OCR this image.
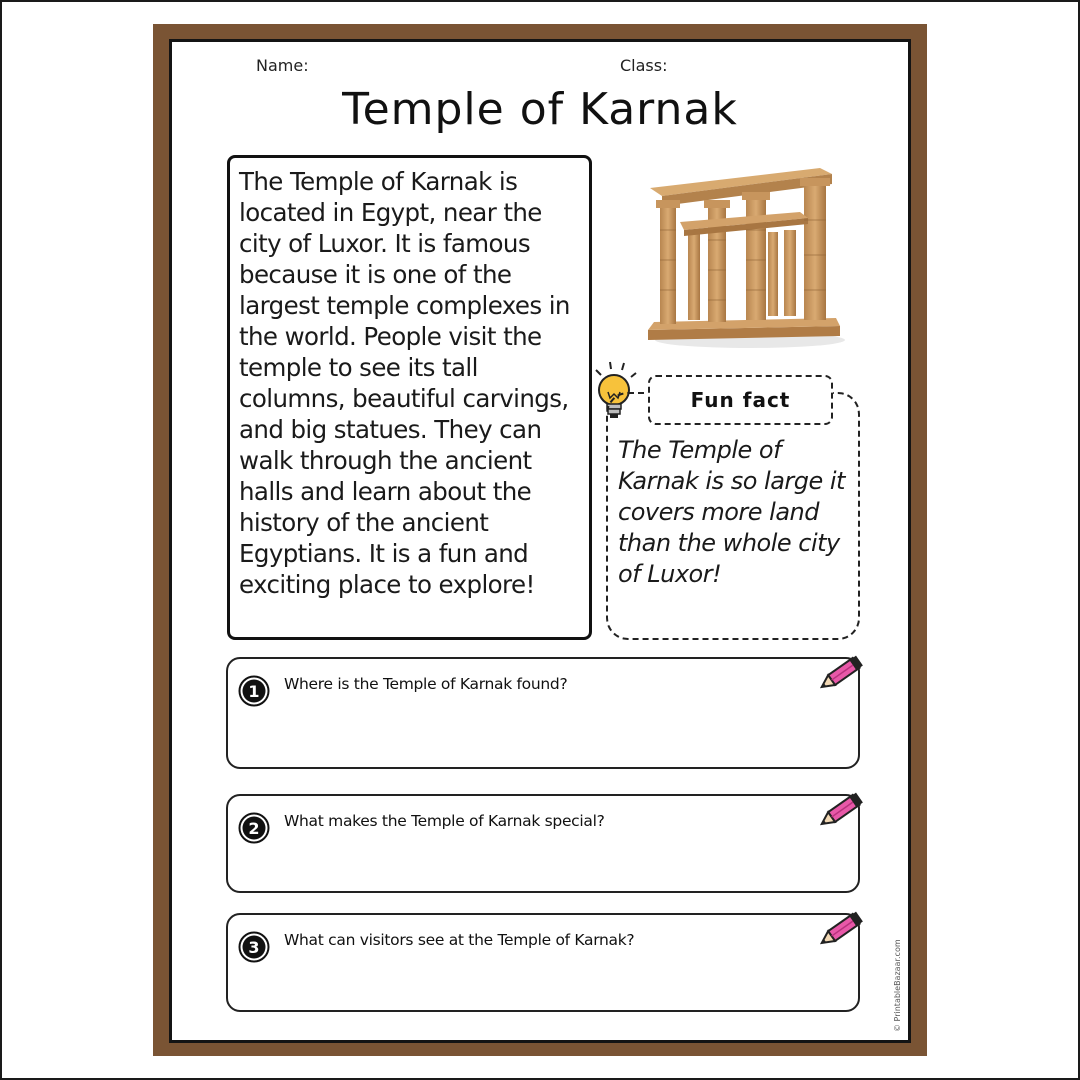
Name:	Class:
Temple of Karnak

The Temple of Karnak is located in Egypt, near the city of Luxor. It is famous because it is one of the largest temple complexes in the world. People visit the temple to see its tall columns, beautiful carvings, and big statues. They can walk through the ancient halls and learn about the history of the ancient Egyptians. It is a fun and exciting place to explore!

Fun fact

The Temple of Karnak is so large it covers more land than the whole city of Luxor!

1 Where is the Temple of Karnak found?
2 What makes the Temple of Karnak special?
3 What can visitors see at the Temple of Karnak?	© PrintableBazaar.com
